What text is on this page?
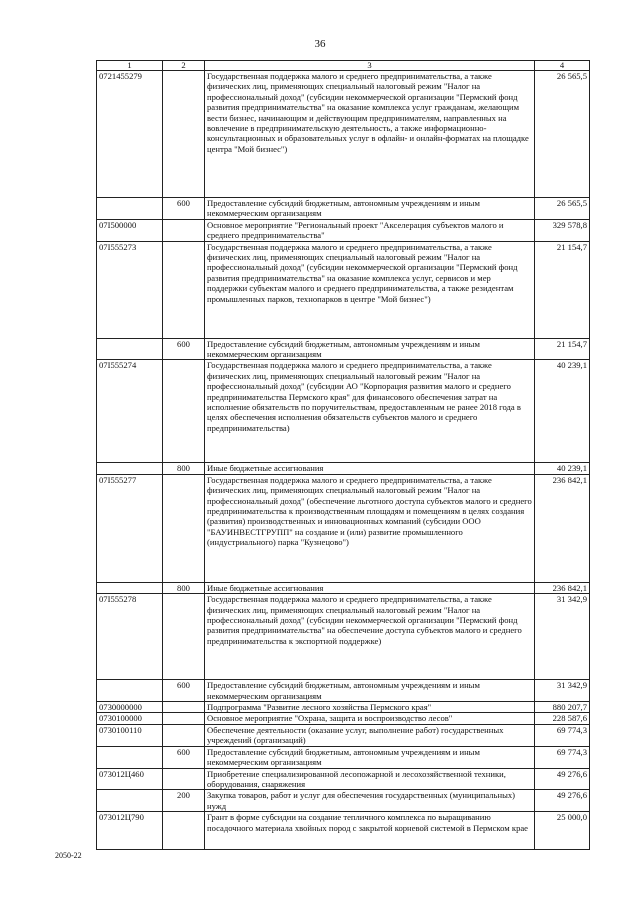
36
1	2	3	4
0721455279		Государственная поддержка малого и среднего предпринимательства, а также физических лиц, применяющих специальный налоговый режим "Налог на профессиональный доход" (субсидии некоммерческой организации "Пермский фонд развития предпринимательства" на оказание комплекса услуг гражданам, желающим вести бизнес, начинающим и действующим предпринимателям, направленных на вовлечение в предпринимательскую деятельность, а также информационно-консультационных и образовательных услуг в офлайн- и онлайн-форматах на площадке центра "Мой бизнес")	26 565,5
	600	Предоставление субсидий бюджетным, автономным учреждениям и иным некоммерческим организациям	26 565,5
07I500000		Основное мероприятие "Региональный проект "Акселерация субъектов малого и среднего предпринимательства"	329 578,8
07I555273		Государственная поддержка малого и среднего предпринимательства, а также физических лиц, применяющих специальный налоговый режим "Налог на профессиональный доход" (субсидии некоммерческой организации "Пермский фонд развития предпринимательства" на оказание комплекса услуг, сервисов и мер поддержки субъектам малого и среднего предпринимательства, а также резидентам промышленных парков, технопарков в центре "Мой бизнес")	21 154,7
	600	Предоставление субсидий бюджетным, автономным учреждениям и иным некоммерческим организациям	21 154,7
07I555274		Государственная поддержка малого и среднего предпринимательства, а также физических лиц, применяющих специальный налоговый режим "Налог на профессиональный доход" (субсидии АО "Корпорация развития малого и среднего предпринимательства Пермского края" для финансового обеспечения затрат на исполнение обязательств по поручительствам, предоставленным не ранее 2018 года в целях обеспечения исполнения обязательств субъектов малого и среднего предпринимательства)	40 239,1
	800	Иные бюджетные ассигнования	40 239,1
07I555277		Государственная поддержка малого и среднего предпринимательства, а также физических лиц, применяющих специальный налоговый режим "Налог на профессиональный доход" (обеспечение льготного доступа субъектов малого и среднего предпринимательства к производственным площадям и помещениям в целях создания (развития) производственных и инновационных компаний (субсидии ООО "БАУИНВЕСТГРУПП" на создание и (или) развитие промышленного (индустриального) парка "Кузнецово")	236 842,1
	800	Иные бюджетные ассигнования	236 842,1
07I555278		Государственная поддержка малого и среднего предпринимательства, а также физических лиц, применяющих специальный налоговый режим "Налог на профессиональный доход" (субсидии некоммерческой организации "Пермский фонд развития предпринимательства" на обеспечение доступа субъектов малого и среднего предпринимательства к экспортной поддержке)	31 342,9
	600	Предоставление субсидий бюджетным, автономным учреждениям и иным некоммерческим организациям	31 342,9
0730000000		Подпрограмма "Развитие лесного хозяйства Пермского края"	880 207,7
0730100000		Основное мероприятие "Охрана, защита и воспроизводство лесов"	228 587,6
0730100110		Обеспечение деятельности (оказание услуг, выполнение работ) государственных учреждений (организаций)	69 774,3
	600	Предоставление субсидий бюджетным, автономным учреждениям и иным некоммерческим организациям	69 774,3
073012Ц460		Приобретение специализированной лесопожарной и лесохозяйственной техники, оборудования, снаряжения	49 276,6
	200	Закупка товаров, работ и услуг для обеспечения государственных (муниципальных) нужд	49 276,6
073012Ц790		Грант в форме субсидии на создание тепличного комплекса по выращиванию посадочного материала хвойных пород с закрытой корневой системой в Пермском крае	25 000,0
2050-22
